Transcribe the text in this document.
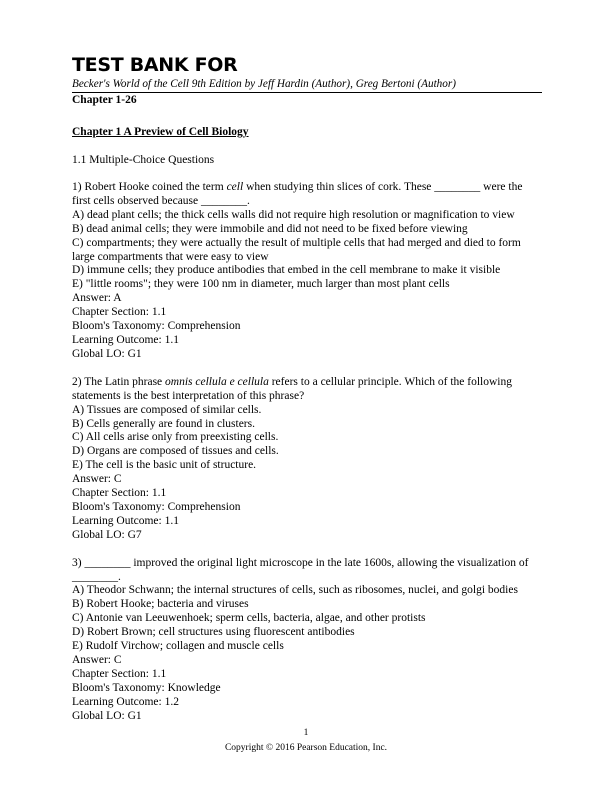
TEST BANK FOR
Becker's World of the Cell 9th Edition by Jeff Hardin (Author), Greg Bertoni (Author)
Chapter 1-26
Chapter 1 A Preview of Cell Biology
1.1 Multiple-Choice Questions
1) Robert Hooke coined the term cell when studying thin slices of cork. These ________ were the first cells observed because ________.
A) dead plant cells; the thick cells walls did not require high resolution or magnification to view
B) dead animal cells; they were immobile and did not need to be fixed before viewing
C) compartments; they were actually the result of multiple cells that had merged and died to form large compartments that were easy to view
D) immune cells; they produce antibodies that embed in the cell membrane to make it visible
E) "little rooms"; they were 100 nm in diameter, much larger than most plant cells
Answer: A
Chapter Section: 1.1
Bloom's Taxonomy: Comprehension
Learning Outcome: 1.1
Global LO: G1
2) The Latin phrase omnis cellula e cellula refers to a cellular principle. Which of the following statements is the best interpretation of this phrase?
A) Tissues are composed of similar cells.
B) Cells generally are found in clusters.
C) All cells arise only from preexisting cells.
D) Organs are composed of tissues and cells.
E) The cell is the basic unit of structure.
Answer: C
Chapter Section: 1.1
Bloom's Taxonomy: Comprehension
Learning Outcome: 1.1
Global LO: G7
3) ________ improved the original light microscope in the late 1600s, allowing the visualization of ________.
A) Theodor Schwann; the internal structures of cells, such as ribosomes, nuclei, and golgi bodies
B) Robert Hooke; bacteria and viruses
C) Antonie van Leeuwenhoek; sperm cells, bacteria, algae, and other protists
D) Robert Brown; cell structures using fluorescent antibodies
E) Rudolf Virchow; collagen and muscle cells
Answer: C
Chapter Section: 1.1
Bloom's Taxonomy: Knowledge
Learning Outcome: 1.2
Global LO: G1
1
Copyright © 2016 Pearson Education, Inc.
